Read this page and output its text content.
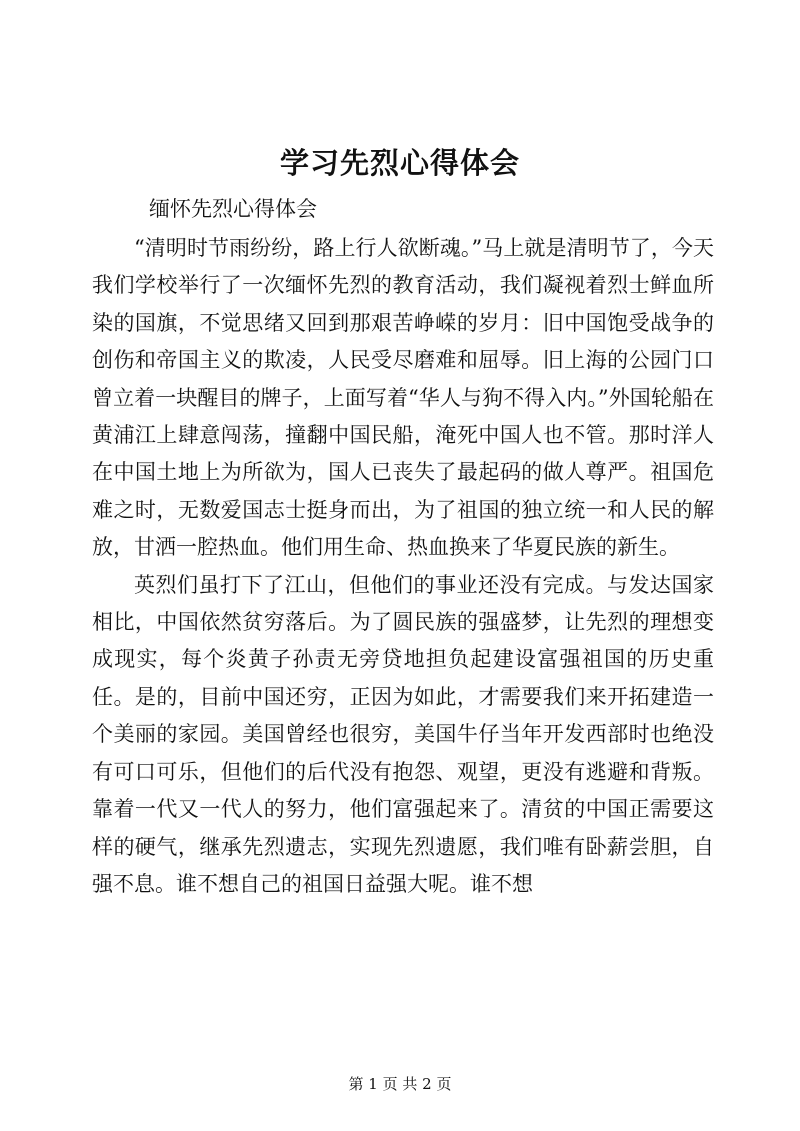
学习先烈心得体会
缅怀先烈心得体会

“清明时节雨纷纷，路上行人欲断魂。”马上就是清明节了，今天我们学校举行了一次缅怀先烈的教育活动，我们凝视着烈士鲜血所染的国旗，不觉思绪又回到那艰苦峥嵘的岁月：旧中国饱受战争的创伤和帝国主义的欺凌，人民受尽磨难和屈辱。旧上海的公园门口曾立着一块醒目的牌子，上面写着“华人与狗不得入内。”外国轮船在黄浦江上肆意闯荡，撞翻中国民船，淹死中国人也不管。那时洋人在中国土地上为所欲为，国人已丧失了最起码的做人尊严。祖国危难之时，无数爱国志士挺身而出，为了祖国的独立统一和人民的解放，甘洒一腔热血。他们用生命、热血换来了华夏民族的新生。

英烈们虽打下了江山，但他们的事业还没有完成。与发达国家相比，中国依然贫穷落后。为了圆民族的强盛梦，让先烈的理想变成现实，每个炎黄子孙责无旁贷地担负起建设富强祖国的历史重任。是的，目前中国还穷，正因为如此，才需要我们来开拓建造一个美丽的家园。美国曾经也很穷，美国牛仔当年开发西部时也绝没有可口可乐，但他们的后代没有抱怨、观望，更没有逃避和背叛。靠着一代又一代人的努力，他们富强起来了。清贫的中国正需要这样的硬气，继承先烈遗志，实现先烈遗愿，我们唯有卧薪尝胆，自强不息。谁不想自己的祖国日益强大呢。谁不想

第 1 页 共 2 页
